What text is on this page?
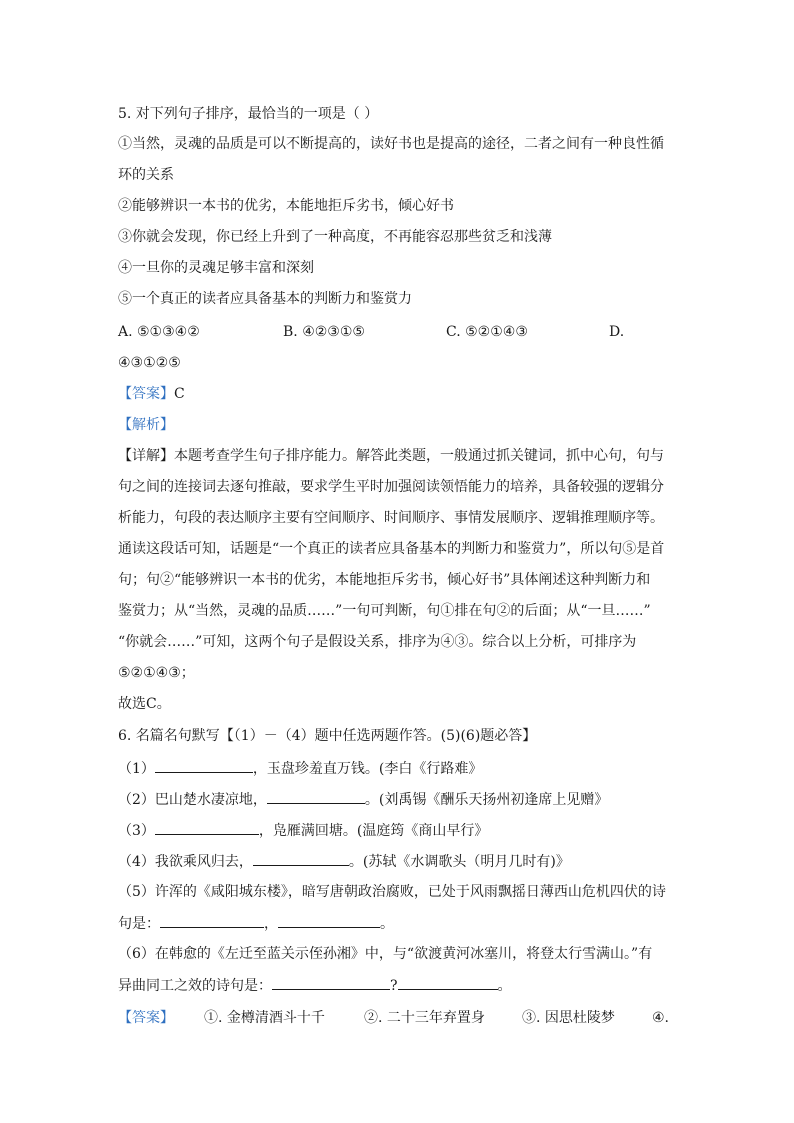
5. 对下列句子排序，最恰当的一项是（ ）
①当然，灵魂的品质是可以不断提高的，读好书也是提高的途径，二者之间有一种良性循
环的关系
②能够辨识一本书的优劣，本能地拒斥劣书，倾心好书
③你就会发现，你已经上升到了一种高度，不再能容忍那些贫乏和浅薄
④一旦你的灵魂足够丰富和深刻
⑤一个真正的读者应具备基本的判断力和鉴赏力
A. ⑤①③④②	B. ④②③①⑤	C. ⑤②①④③	D.
④③①②⑤
【答案】C
【解析】
【详解】本题考查学生句子排序能力。解答此类题，一般通过抓关键词，抓中心句，句与
句之间的连接词去逐句推敲，要求学生平时加强阅读领悟能力的培养，具备较强的逻辑分
析能力，句段的表达顺序主要有空间顺序、时间顺序、事情发展顺序、逻辑推理顺序等。
通读这段话可知，话题是“一个真正的读者应具备基本的判断力和鉴赏力”，所以句⑤是首
句；句②“能够辨识一本书的优劣，本能地拒斥劣书，倾心好书”具体阐述这种判断力和
鉴赏力；从“当然，灵魂的品质……”一句可判断，句①排在句②的后面；从“一旦……”
“你就会……”可知，这两个句子是假设关系，排序为④③。综合以上分析，可排序为
⑤②①④③；
故选C。
6. 名篇名句默写【（1）－（4）题中任选两题作答。(5)(6)题必答】
（1）	，玉盘珍羞直万钱。(李白《行路难》
（2）巴山楚水凄凉地，	。(刘禹锡《酬乐天扬州初逢席上见赠》
（3）	，凫雁满回塘。(温庭筠《商山早行》
（4）我欲乘风归去，	。(苏轼《水调歌头（明月几时有)》
（5）许浑的《咸阳城东楼》，暗写唐朝政治腐败，已处于风雨飘摇日薄西山危机四伏的诗
句是：	，	。
（6）在韩愈的《左迁至蓝关示侄孙湘》中，与“欲渡黄河冰塞川，将登太行雪满山。”有
异曲同工之效的诗句是：	?	。
【答案】 ①. 金樽清酒斗十千	②. 二十三年弃置身	③. 因思杜陵梦	④.
